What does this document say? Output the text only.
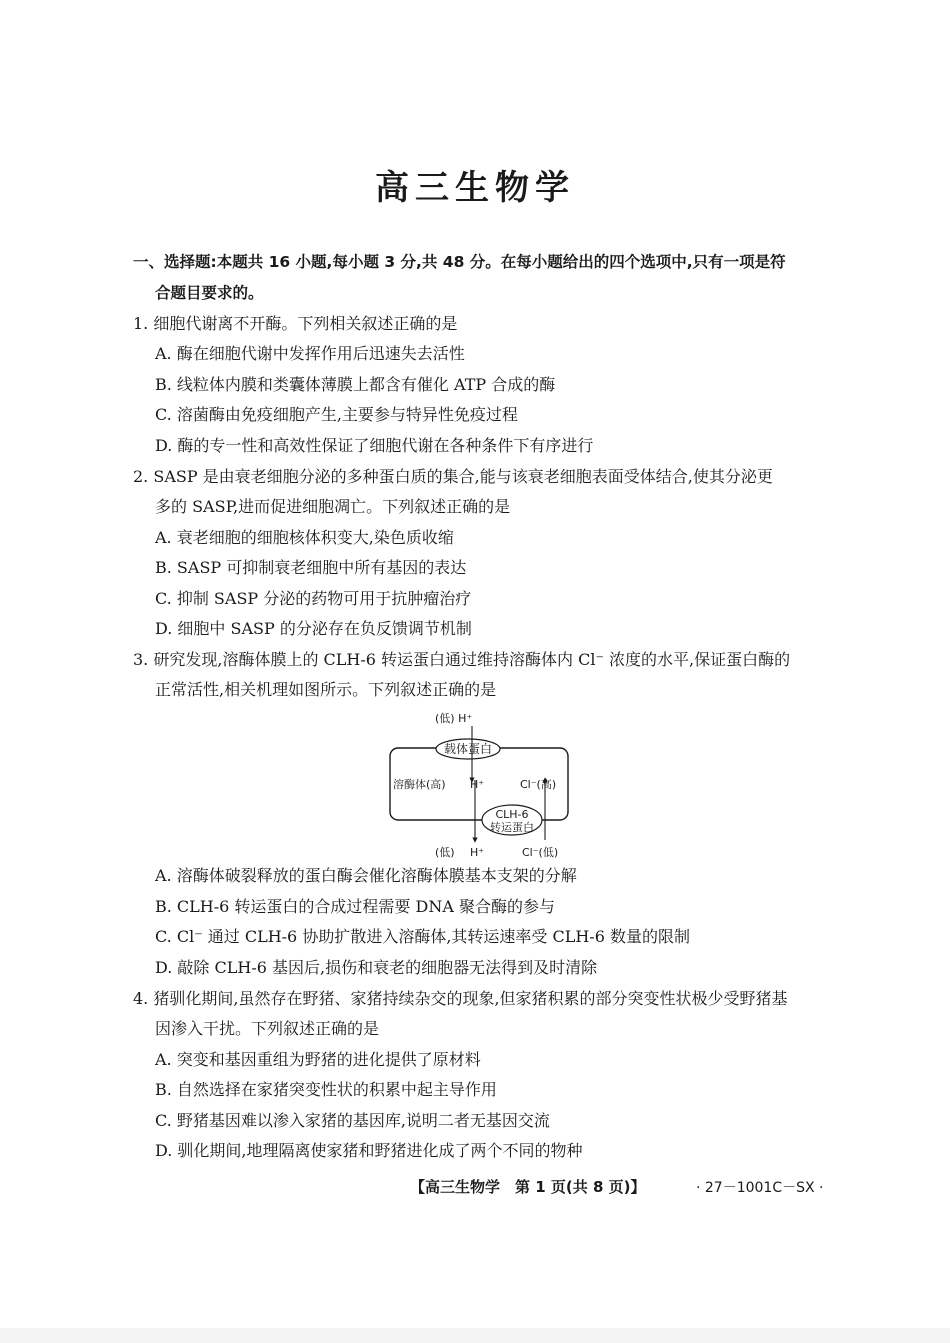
高三生物学
一、选择题:本题共 16 小题,每小题 3 分,共 48 分。在每小题给出的四个选项中,只有一项是符
合题目要求的。
1. 细胞代谢离不开酶。下列相关叙述正确的是
A. 酶在细胞代谢中发挥作用后迅速失去活性
B. 线粒体内膜和类囊体薄膜上都含有催化 ATP 合成的酶
C. 溶菌酶由免疫细胞产生,主要参与特异性免疫过程
D. 酶的专一性和高效性保证了细胞代谢在各种条件下有序进行
2. SASP 是由衰老细胞分泌的多种蛋白质的集合,能与该衰老细胞表面受体结合,使其分泌更
多的 SASP,进而促进细胞凋亡。下列叙述正确的是
A. 衰老细胞的细胞核体积变大,染色质收缩
B. SASP 可抑制衰老细胞中所有基因的表达
C. 抑制 SASP 分泌的药物可用于抗肿瘤治疗
D. 细胞中 SASP 的分泌存在负反馈调节机制
3. 研究发现,溶酶体膜上的 CLH-6 转运蛋白通过维持溶酶体内 Cl⁻ 浓度的水平,保证蛋白酶的
正常活性,相关机理如图所示。下列叙述正确的是
载体蛋白
(低) H⁺
溶酶体(高) H⁺	Cl⁻(高)
CLH-6
转运蛋白
(低) H⁺	Cl⁻(低)
A. 溶酶体破裂释放的蛋白酶会催化溶酶体膜基本支架的分解
B. CLH-6 转运蛋白的合成过程需要 DNA 聚合酶的参与
C. Cl⁻ 通过 CLH-6 协助扩散进入溶酶体,其转运速率受 CLH-6 数量的限制
D. 敲除 CLH-6 基因后,损伤和衰老的细胞器无法得到及时清除
4. 猪驯化期间,虽然存在野猪、家猪持续杂交的现象,但家猪积累的部分突变性状极少受野猪基
因渗入干扰。下列叙述正确的是
A. 突变和基因重组为野猪的进化提供了原材料
B. 自然选择在家猪突变性状的积累中起主导作用
C. 野猪基因难以渗入家猪的基因库,说明二者无基因交流
D. 驯化期间,地理隔离使家猪和野猪进化成了两个不同的物种
【高三生物学　第 1 页(共 8 页)】	· 27－1001C－SX ·
